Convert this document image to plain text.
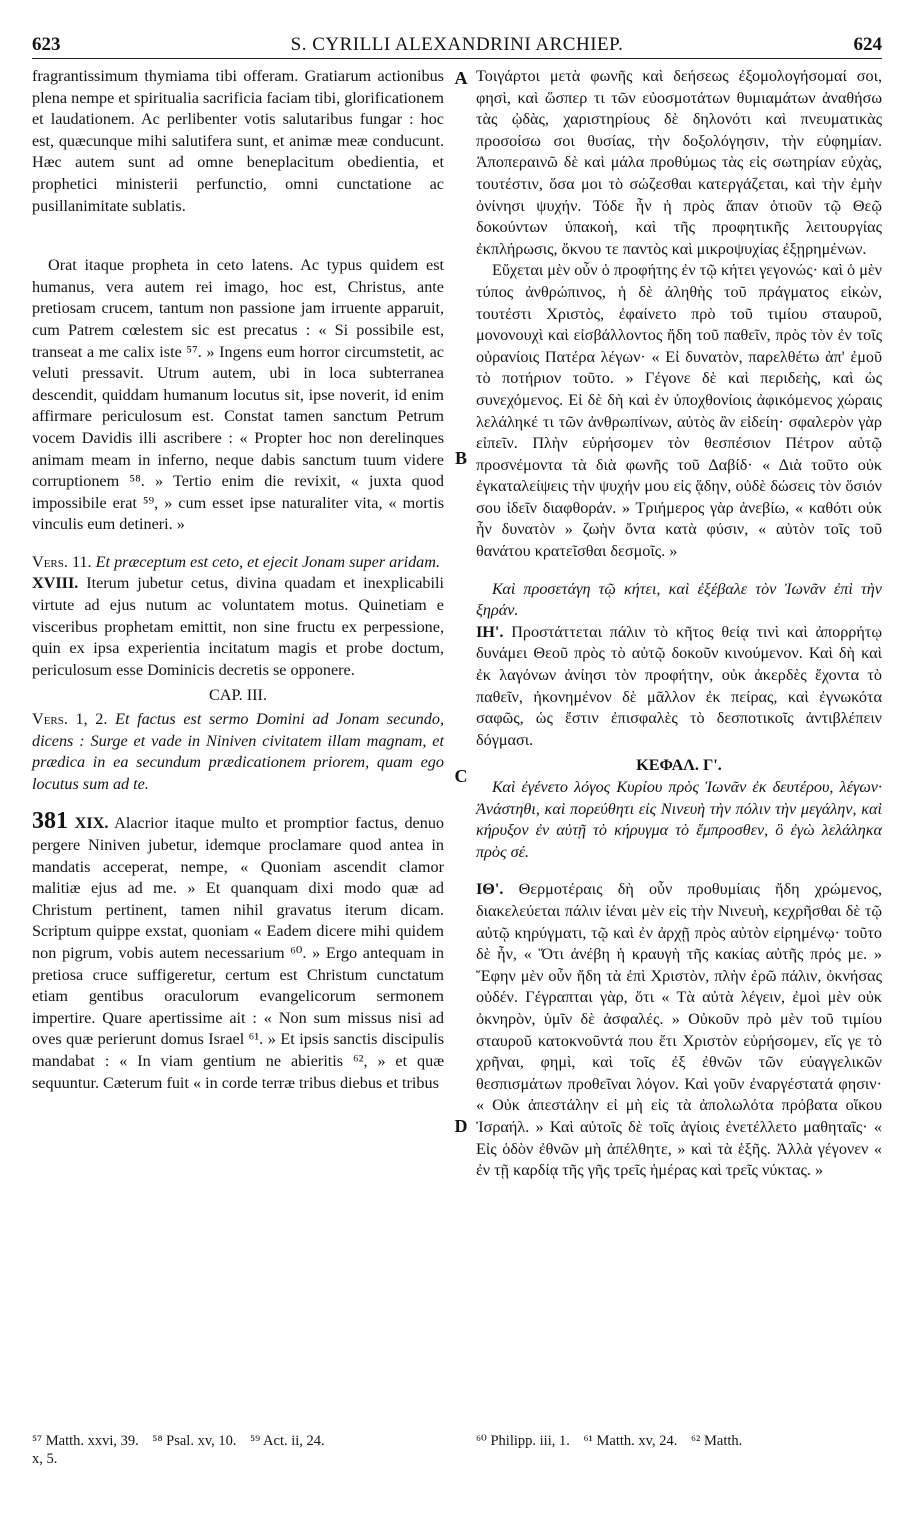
623	S. CYRILLI ALEXANDRINI ARCHIEP.	624

fragrantissimum thymiama tibi offeram. Gratiarum actionibus plena nempe et spiritualia sacrificia faciam tibi, glorificationem et laudationem. Ac perlibenter votis salutaribus fungar : hoc est, quæcunque mihi salutifera sunt, et animæ meæ conducunt. Hæc autem sunt ad omne beneplacitum obedientia, et prophetici ministerii perfunctio, omni cunctatione ac pusillanimitate sublatis.

Orat itaque propheta in ceto latens. Ac typus quidem est humanus, vera autem rei imago, hoc est, Christus, ante pretiosam crucem, tantum non passione jam irruente apparuit, cum Patrem cœlestem sic est precatus : « Si possibile est, transeat a me calix iste ⁵⁷. » Ingens eum horror circumstetit, ac veluti pressavit. Utrum autem, ubi in loca subterranea descendit, quiddam humanum locutus sit, ipse noverit, id enim affirmare periculosum est. Constat tamen sanctum Petrum vocem Davidis illi ascribere : « Propter hoc non derelinques animam meam in inferno, neque dabis sanctum tuum videre corruptionem ⁵⁸. » Tertio enim die revixit, « juxta quod impossibile erat ⁵⁹, » cum esset ipse naturaliter vita, « mortis vinculis eum detineri. »

Vers. 11. Et præceptum est ceto, et ejecit Jonam super aridam.

XVIII. Iterum jubetur cetus, divina quadam et inexplicabili virtute ad ejus nutum ac voluntatem motus. Quinetiam e visceribus prophetam emittit, non sine fructu ex perpessione, quin ex ipsa experientia incitatum magis et probe doctum, periculosum esse Dominicis decretis se opponere.

CAP. III.

Vers. 1, 2. Et factus est sermo Domini ad Jonam secundo, dicens : Surge et vade in Niniven civitatem illam magnam, et prædica in ea secundum prædicationem priorem, quam ego locutus sum ad te.

381 XIX. Alacrior itaque multo et promptior factus, denuo pergere Niniven jubetur, idemque proclamare quod antea in mandatis acceperat, nempe, « Quoniam ascendit clamor malitiæ ejus ad me. » Et quanquam dixi modo quæ ad Christum pertinent, tamen nihil gravatus iterum dicam. Scriptum quippe exstat, quoniam « Eadem dicere mihi quidem non pigrum, vobis autem necessarium ⁶⁰. » Ergo antequam in pretiosa cruce suffigeretur, certum est Christum cunctatum etiam gentibus oraculorum evangelicorum sermonem impertire. Quare apertissime ait : « Non sum missus nisi ad oves quæ perierunt domus Israel ⁶¹. » Et ipsis sanctis discipulis mandabat : « In viam gentium ne abieritis ⁶², » et quæ sequuntur. Cæterum fuit « in corde terræ tribus diebus et tribus

Τοιγάρτοι μετὰ φωνῆς καὶ δεήσεως ἐξομολογήσομαί σοι, φησὶ, καὶ ὥσπερ τι τῶν εὐοσμοτάτων θυμιαμάτων ἀναθήσω τὰς ᾠδὰς, χαριστηρίους δὲ δηλονότι καὶ πνευματικὰς προσοίσω σοι θυσίας, τὴν δοξολόγησιν, τὴν εὐφημίαν. Ἀποπεραινῶ δὲ καὶ μάλα προθύμως τὰς εἰς σωτηρίαν εὐχὰς, τουτέστιν, ὅσα μοι τὸ σώζεσθαι κατεργάζεται, καὶ τὴν ἐμὴν ὀνίνησι ψυχήν. Τόδε ἦν ἡ πρὸς ἅπαν ὁτιοῦν τῷ Θεῷ δοκούντων ὑπακοὴ, καὶ τῆς προφητικῆς λειτουργίας ἐκπλήρωσις, ὄκνου τε παντὸς καὶ μικροψυχίας ἐξῃρημένων.

Εὔχεται μὲν οὖν ὁ προφήτης ἐν τῷ κήτει γεγονώς· καὶ ὁ μὲν τύπος ἀνθρώπινος, ἡ δὲ ἀληθὴς τοῦ πράγματος εἰκὼν, τουτέστι Χριστὸς, ἐφαίνετο πρὸ τοῦ τιμίου σταυροῦ, μονονουχὶ καὶ εἰσβάλλοντος ἤδη τοῦ παθεῖν, πρὸς τὸν ἐν τοῖς οὐρανίοις Πατέρα λέγων· « Εἰ δυνατὸν, παρελθέτω ἀπ' ἐμοῦ τὸ ποτήριον τοῦτο. » Γέγονε δὲ καὶ περιδεὴς, καὶ ὡς συνεχόμενος. Εἰ δὲ δὴ καὶ ἐν ὑποχθονίοις ἀφικόμενος χώραις λελάληκέ τι τῶν ἀνθρωπίνων, αὐτὸς ἂν εἰδείη· σφαλερὸν γὰρ εἰπεῖν. Πλὴν εὑρήσομεν τὸν θεσπέσιον Πέτρον αὐτῷ προσνέμοντα τὰ διὰ φωνῆς τοῦ Δαβίδ· « Διὰ τοῦτο οὐκ ἐγκαταλείψεις τὴν ψυχήν μου εἰς ᾅδην, οὐδὲ δώσεις τὸν ὅσιόν σου ἰδεῖν διαφθοράν. » Τριήμερος γὰρ ἀνεβίω, « καθότι οὐκ ἦν δυνατὸν » ζωὴν ὄντα κατὰ φύσιν, « αὐτὸν τοῖς τοῦ θανάτου κρατεῖσθαι δεσμοῖς. »

Καὶ προσετάγη τῷ κήτει, καὶ ἐξέβαλε τὸν Ἰωνᾶν ἐπὶ τὴν ξηράν.

ΙΗ'. Προστάττεται πάλιν τὸ κῆτος θείᾳ τινὶ καὶ ἀπορρήτῳ δυνάμει Θεοῦ πρὸς τὸ αὐτῷ δοκοῦν κινούμενον. Καὶ δὴ καὶ ἐκ λαγόνων ἀνίησι τὸν προφήτην, οὐκ ἀκερδὲς ἔχοντα τὸ παθεῖν, ἠκονημένον δὲ μᾶλλον ἐκ πείρας, καὶ ἐγνωκότα σαφῶς, ὡς ἔστιν ἐπισφαλὲς τὸ δεσποτικοῖς ἀντιβλέπειν δόγμασι.

ΚΕΦΑΛ. Γ'.

Καὶ ἐγένετο λόγος Κυρίου πρὸς Ἰωνᾶν ἐκ δευτέρου, λέγων· Ἀνάστηθι, καὶ πορεύθητι εἰς Νινευὴ τὴν πόλιν τὴν μεγάλην, καὶ κήρυξον ἐν αὐτῇ τὸ κήρυγμα τὸ ἔμπροσθεν, ὃ ἐγὼ λελάληκα πρὸς σέ.

ΙΘ'. Θερμοτέραις δὴ οὖν προθυμίαις ἤδη χρώμενος, διακελεύεται πάλιν ἰέναι μὲν εἰς τὴν Νινευὴ, κεχρῆσθαι δὲ τῷ αὐτῷ κηρύγματι, τῷ καὶ ἐν ἀρχῇ πρὸς αὐτὸν εἰρημένῳ· τοῦτο δὲ ἦν, « Ὅτι ἀνέβη ἡ κραυγὴ τῆς κακίας αὐτῆς πρός με. » Ἔφην μὲν οὖν ἤδη τὰ ἐπὶ Χριστὸν, πλὴν ἐρῶ πάλιν, ὀκνήσας οὐδέν. Γέγραπται γὰρ, ὅτι « Τὰ αὐτὰ λέγειν, ἐμοὶ μὲν οὐκ ὀκνηρὸν, ὑμῖν δὲ ἀσφαλές. » Οὐκοῦν πρὸ μὲν τοῦ τιμίου σταυροῦ κατοκνοῦντά που ἔτι Χριστὸν εὑρήσομεν, εἴς γε τὸ χρῆναι, φημὶ, καὶ τοῖς ἐξ ἐθνῶν τῶν εὐαγγελικῶν θεσπισμάτων προθεῖναι λόγον. Καὶ γοῦν ἐναργέστατά φησιν· « Οὐκ ἀπεστάλην εἰ μὴ εἰς τὰ ἀπολωλότα πρόβατα οἴκου Ἰσραήλ. » Καὶ αὐτοῖς δὲ τοῖς ἁγίοις ἐνετέλλετο μαθηταῖς· « Εἰς ὁδὸν ἐθνῶν μὴ ἀπέλθητε, » καὶ τὰ ἑξῆς. Ἀλλὰ γέγονεν « ἐν τῇ καρδίᾳ τῆς γῆς τρεῖς ἡμέρας καὶ τρεῖς νύκτας. »

A
B
C
D
⁵⁷ Matth. xxvi, 39. ⁵⁸ Psal. xv, 10. ⁵⁹ Act. ii, 24.
x, 5.
⁶⁰ Philipp. iii, 1. ⁶¹ Matth. xv, 24. ⁶² Matth.
